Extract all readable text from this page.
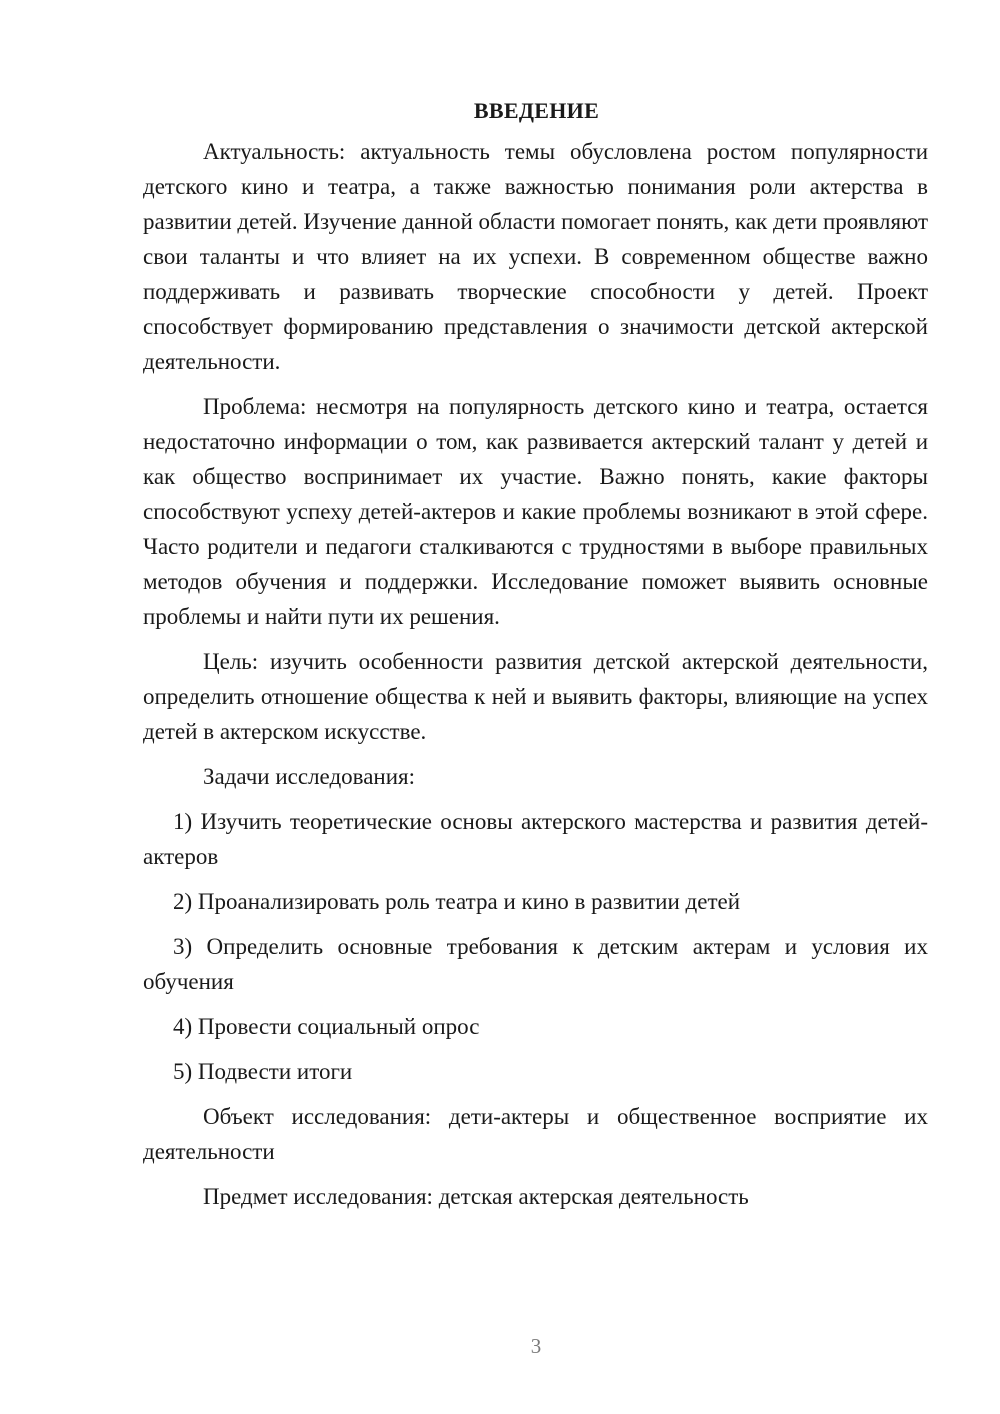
ВВЕДЕНИЕ

Актуальность: актуальность темы обусловлена ростом популярности детского кино и театра, а также важностью понимания роли актерства в развитии детей. Изучение данной области помогает понять, как дети проявляют свои таланты и что влияет на их успехи. В современном обществе важно поддерживать и развивать творческие способности у детей. Проект способствует формированию представления о значимости детской актерской деятельности.

Проблема: несмотря на популярность детского кино и театра, остается недостаточно информации о том, как развивается актерский талант у детей и как общество воспринимает их участие. Важно понять, какие факторы способствуют успеху детей-актеров и какие проблемы возникают в этой сфере. Часто родители и педагоги сталкиваются с трудностями в выборе правильных методов обучения и поддержки. Исследование поможет выявить основные проблемы и найти пути их решения.

Цель: изучить особенности развития детской актерской деятельности, определить отношение общества к ней и выявить факторы, влияющие на успех детей в актерском искусстве.

Задачи исследования:

1) Изучить теоретические основы актерского мастерства и развития детей-актеров

2) Проанализировать роль театра и кино в развитии детей

3) Определить основные требования к детским актерам и условия их обучения

4) Провести социальный опрос

5) Подвести итоги

Объект исследования: дети-актеры и общественное восприятие их деятельности

Предмет исследования: детская актерская деятельность

3
